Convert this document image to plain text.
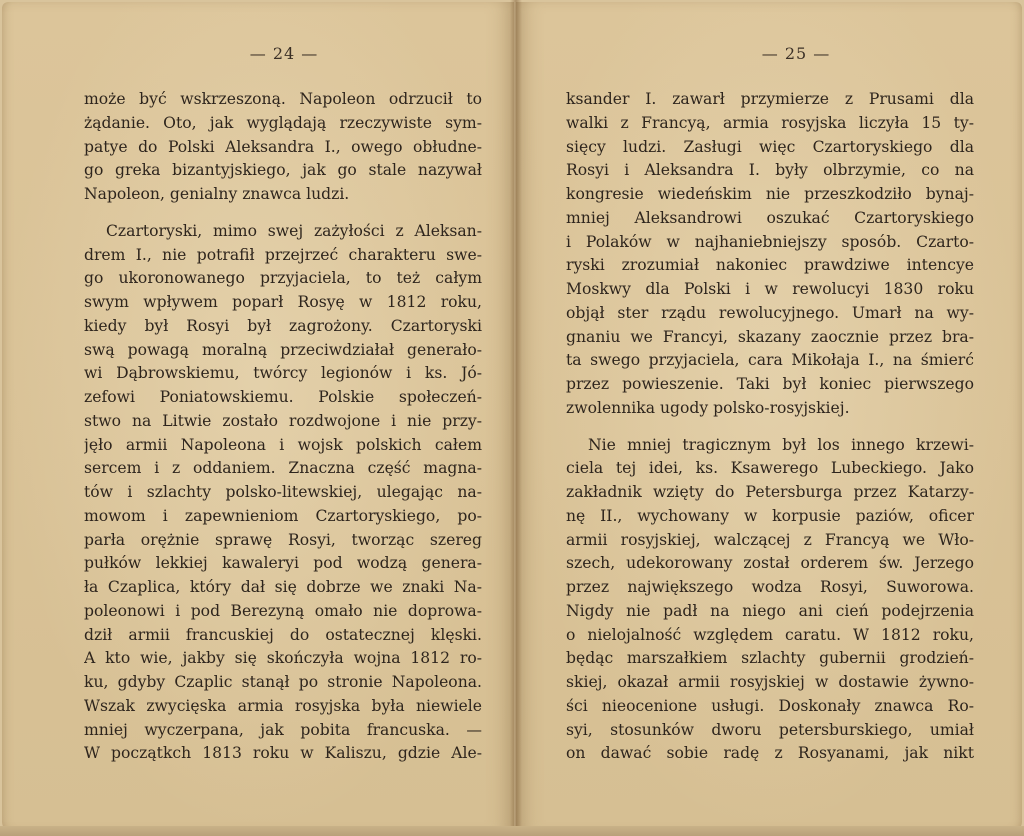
— 24 —
może być wskrzeszoną. Napoleon odrzucił to
żądanie. Oto, jak wyglądają rzeczywiste sym-
patye do Polski Aleksandra I., owego obłudne-
go greka bizantyjskiego, jak go stale nazywał
Napoleon, genialny znawca ludzi.
Czartoryski, mimo swej zażyłości z Aleksan-
drem I., nie potrafił przejrzeć charakteru swe-
go ukoronowanego przyjaciela, to też całym
swym wpływem poparł Rosyę w 1812 roku,
kiedy był Rosyi był zagrożony. Czartoryski
swą powagą moralną przeciwdziałał generało-
wi Dąbrowskiemu, twórcy legionów i ks. Jó-
zefowi Poniatowskiemu. Polskie społeczeń-
stwo na Litwie zostało rozdwojone i nie przy-
jęło armii Napoleona i wojsk polskich całem
sercem i z oddaniem. Znaczna część magna-
tów i szlachty polsko-litewskiej, ulegając na-
mowom i zapewnieniom Czartoryskiego, po-
parła orężnie sprawę Rosyi, tworząc szereg
pułków lekkiej kawaleryi pod wodzą genera-
ła Czaplica, który dał się dobrze we znaki Na-
poleonowi i pod Berezyną omało nie doprowa-
dził armii francuskiej do ostatecznej klęski.
A kto wie, jakby się skończyła wojna 1812 ro-
ku, gdyby Czaplic stanął po stronie Napoleona.
Wszak zwycięska armia rosyjska była niewiele
mniej wyczerpana, jak pobita francuska. —
W początkch 1813 roku w Kaliszu, gdzie Ale-
— 25 —
ksander I. zawarł przymierze z Prusami dla
walki z Francyą, armia rosyjska liczyła 15 ty-
sięcy ludzi. Zasługi więc Czartoryskiego dla
Rosyi i Aleksandra I. były olbrzymie, co na
kongresie wiedeńskim nie przeszkodziło bynaj-
mniej Aleksandrowi oszukać Czartoryskiego
i Polaków w najhaniebniejszy sposób. Czarto-
ryski zrozumiał nakoniec prawdziwe intencye
Moskwy dla Polski i w rewolucyi 1830 roku
objął ster rządu rewolucyjnego. Umarł na wy-
gnaniu we Francyi, skazany zaocznie przez bra-
ta swego przyjaciela, cara Mikołaja I., na śmierć
przez powieszenie. Taki był koniec pierwszego
zwolennika ugody polsko-rosyjskiej.
Nie mniej tragicznym był los innego krzewi-
ciela tej idei, ks. Ksawerego Lubeckiego. Jako
zakładnik wzięty do Petersburga przez Katarzy-
nę II., wychowany w korpusie paziów, oficer
armii rosyjskiej, walczącej z Francyą we Wło-
szech, udekorowany został orderem św. Jerzego
przez największego wodza Rosyi, Suworowa.
Nigdy nie padł na niego ani cień podejrzenia
o nielojalność względem caratu. W 1812 roku,
będąc marszałkiem szlachty gubernii grodzień-
skiej, okazał armii rosyjskiej w dostawie żywno-
ści nieocenione usługi. Doskonały znawca Ro-
syi, stosunków dworu petersburskiego, umiał
on dawać sobie radę z Rosyanami, jak nikt
